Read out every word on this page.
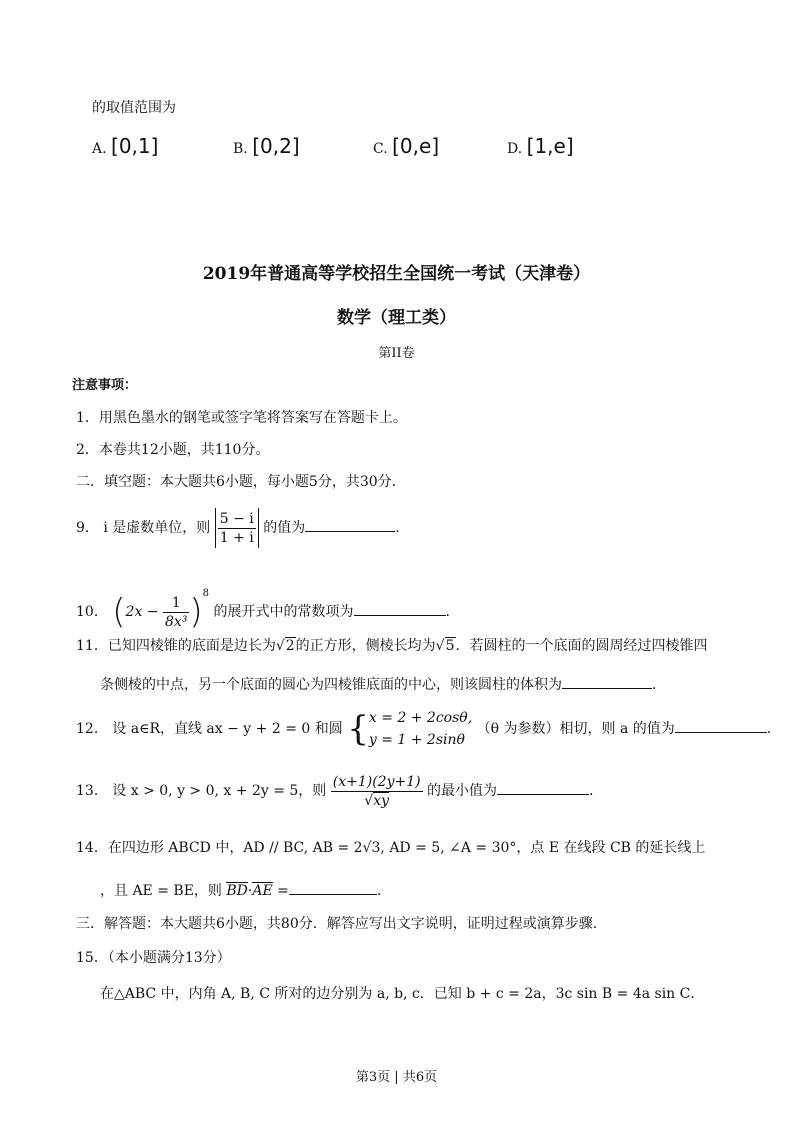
的取值范围为
A. [0,1]	B. [0,2]	C. [0,e]	D. [1,e]
2019年普通高等学校招生全国统一考试（天津卷）
数学（理工类）
第II卷
注意事项：
1．用黑色墨水的钢笔或签字笔将答案写在答题卡上。
2．本卷共12小题，共110分。
二．填空题：本大题共6小题，每小题5分，共30分.
9． i 是虚数单位，则 $\frac{5 - i}{1 + i}$ 的值为	.
10． $(2x - \frac{1}{\text{8x³}} )^8$ 的展开式中的常数项为	.
11．已知四棱锥的底面是边长为√2的正方形，侧棱长均为√5．若圆柱的一个底面的圆周经过四棱锥四
条侧棱的中点，另一个底面的圆心为四棱锥底面的中心，则该圆柱的体积为	.
12． 设 a∈R，直线 ax − y + 2 = 0 和圆 { x = 2 + 2cosθ,
y = 1 + 2sinθ
（θ 为参数）相切，则 a 的值为	.
13． 设 x > 0, y > 0, x + 2y = 5，则 $\frac{(x+1)(2y+1)}{√xy}$ 的最小值为	.
14．在四边形 ABCD 中，AD // BC, AB = 2√3, AD = 5, ∠A = 30°，点 E 在线段 CB 的延长线上
，且 AE = BE，则 BD·AE =	.
三．解答题：本大题共6小题，共80分．解答应写出文字说明，证明过程或演算步骤.
15．（本小题满分13分）
在△ABC 中，内角 A, B, C 所对的边分别为 a, b, c．已知 b + c = 2a，3c sin B = 4a sin C．
第3页 | 共6页
